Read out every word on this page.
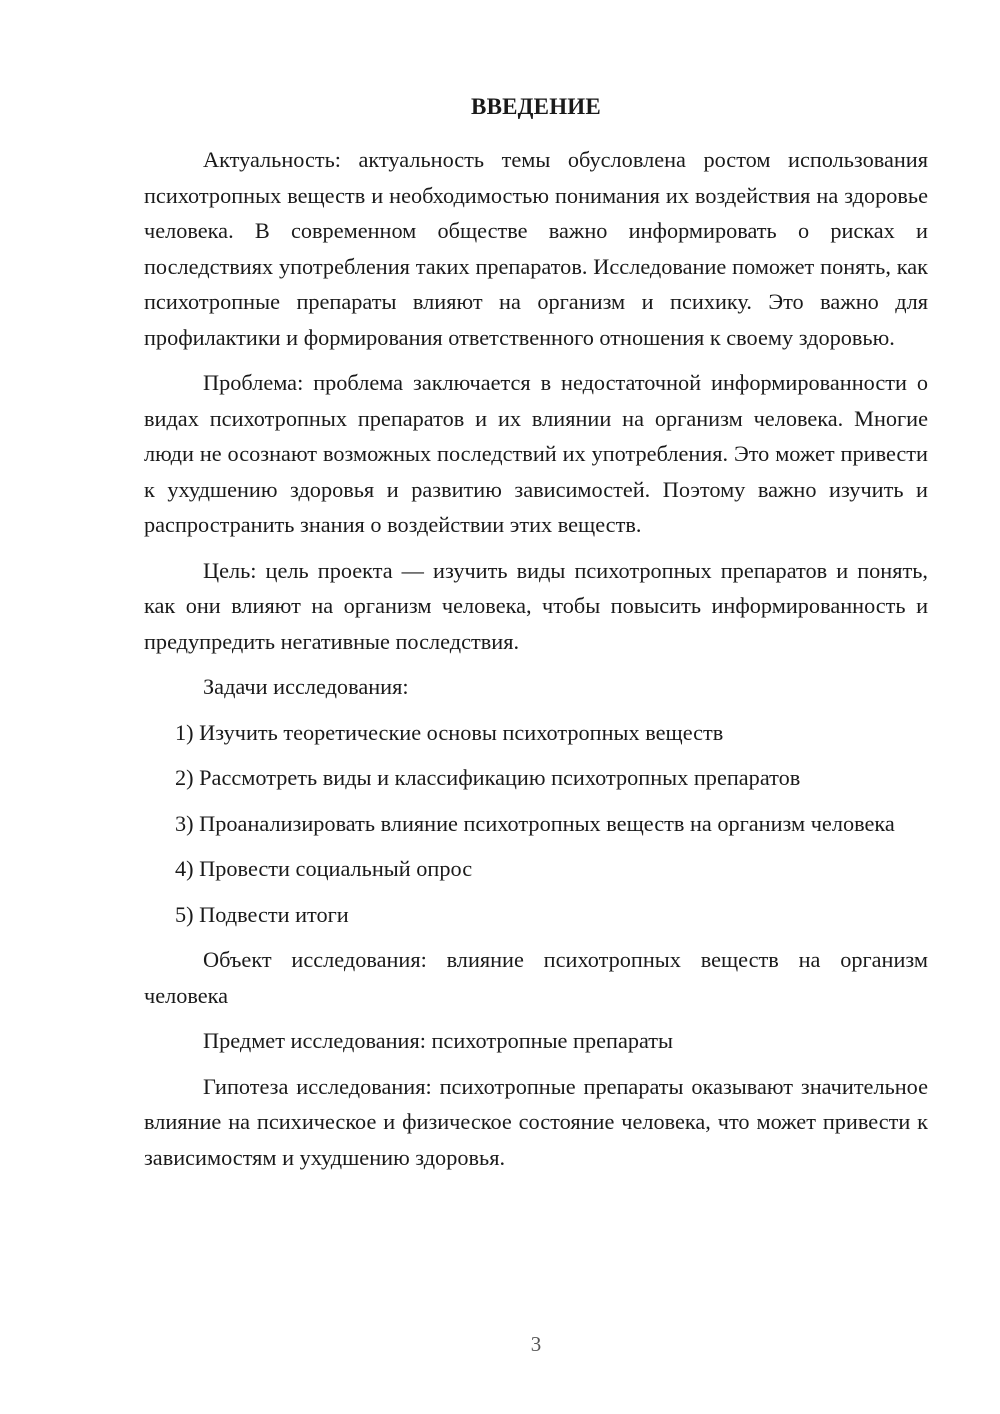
ВВЕДЕНИЕ

Актуальность: актуальность темы обусловлена ростом использования психотропных веществ и необходимостью понимания их воздействия на здоровье человека. В современном обществе важно информировать о рисках и последствиях употребления таких препаратов. Исследование поможет понять, как психотропные препараты влияют на организм и психику. Это важно для профилактики и формирования ответственного отношения к своему здоровью.

Проблема: проблема заключается в недостаточной информированности о видах психотропных препаратов и их влиянии на организм человека. Многие люди не осознают возможных последствий их употребления. Это может привести к ухудшению здоровья и развитию зависимостей. Поэтому важно изучить и распространить знания о воздействии этих веществ.

Цель: цель проекта — изучить виды психотропных препаратов и понять, как они влияют на организм человека, чтобы повысить информированность и предупредить негативные последствия.

Задачи исследования:

1) Изучить теоретические основы психотропных веществ

2) Рассмотреть виды и классификацию психотропных препаратов

3) Проанализировать влияние психотропных веществ на организм человека

4) Провести социальный опрос

5) Подвести итоги

Объект исследования: влияние психотропных веществ на организм человека

Предмет исследования: психотропные препараты

Гипотеза исследования: психотропные препараты оказывают значительное влияние на психическое и физическое состояние человека, что может привести к зависимостям и ухудшению здоровья.

3
